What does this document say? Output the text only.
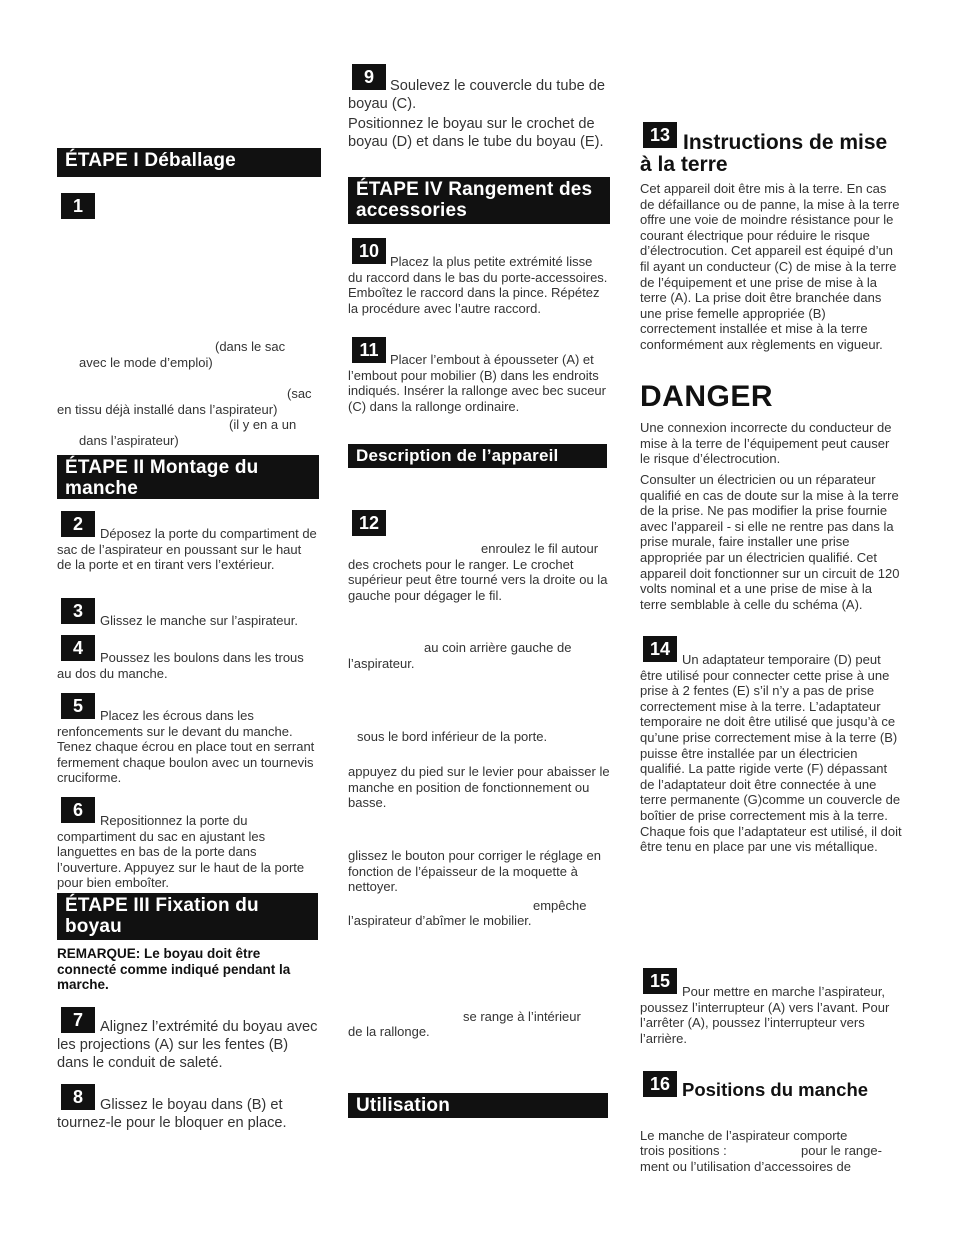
ÉTAPE I Déballage
1
(dans le sac
avec le mode d’emploi)
(sac
en tissu déjà installé dans l’aspirateur)
(il y en a un
dans l’aspirateur)
ÉTAPE II Montage du manche
2	Déposez la porte du compartiment de sac de l’aspirateur en poussant sur le haut de la porte et en tirant vers l’extérieur.
3	Glissez le manche sur l’aspirateur.
4	Poussez les boulons dans les trous au dos du manche.
5	Placez les écrous dans les renfoncements sur le devant du manche. Tenez chaque écrou en place tout en serrant fermement chaque boulon avec un tournevis cruciforme.
6
Repositionnez la porte du compartiment du sac en ajustant les languettes en bas de la porte dans l’ouverture. Appuyez sur le haut de la porte pour bien emboîter.
ÉTAPE III Fixation du boyau
REMARQUE: Le boyau doit être connecté comme indiqué pendant la marche.
7	Alignez l’extrémité du boyau avec les projections (A) sur les fentes (B) dans le conduit de saleté.
8	Glissez le boyau dans (B) et tournez-le pour le bloquer en place.
9	Soulevez le couvercle du tube de boyau (C).
Positionnez le boyau sur le crochet de boyau (D) et dans le tube du boyau (E).
ÉTAPE IV Rangement des accessories
10
Placez la plus petite extrémité lisse du raccord dans le bas du porte-accessoires. Emboîtez le raccord dans la pince. Répétez la procédure avec l’autre raccord.
11 Placer l’embout à épousseter (A) et l’embout pour mobilier (B) dans les endroits indiqués. Insérer la rallonge avec bec suceur (C) dans la rallonge ordinaire.
Description de l’appareil
12
enroulez le fil autour des crochets pour le ranger. Le crochet supérieur peut être tourné vers la droite ou la gauche pour dégager le fil.
au coin arrière gauche de l’aspirateur.
sous le bord inférieur de la porte.
appuyez du pied sur le levier pour abaisser le manche en position de fonctionnement ou basse.
glissez le bouton pour corriger le réglage en fonction de l’épaisseur de la moquette à nettoyer.
empêche
l’aspirateur d’abîmer le mobilier.
se range à l’intérieur
de la rallonge.
Utilisation
13 Instructions de mise à la terre
Cet appareil doit être mis à la terre. En cas de défaillance ou de panne, la mise à la terre offre une voie de moindre résistance pour le courant électrique pour réduire le risque d’électrocution. Cet appareil est équipé d’un fil ayant un conducteur (C) de mise à la terre de l’équipement et une prise de mise à la terre (A). La prise doit être branchée dans une prise femelle appropriée (B) correctement installée et mise à la terre conformément aux règlements en vigueur.
DANGER
Une connexion incorrecte du conducteur de mise à la terre de l’équipement peut causer le risque d’électrocution.
Consulter un électricien ou un réparateur qualifié en cas de doute sur la mise à la terre de la prise. Ne pas modifier la prise fournie avec l’appareil - si elle ne rentre pas dans la prise murale, faire installer une prise appropriée par un électricien qualifié. Cet appareil doit fonctionner sur un circuit de 120 volts nominal et a une prise de mise à la terre semblable à celle du schéma (A).
14
Un adaptateur temporaire (D) peut être utilisé pour connecter cette prise à une prise à 2 fentes (E) s’il n’y a pas de prise correctement mise à la terre. L’adaptateur temporaire ne doit être utilisé que jusqu’à ce qu’une prise correctement mise à la terre (B) puisse être installée par un électricien qualifié. La patte rigide verte (F) dépassant de l’adaptateur doit être connectée à une terre permanente (G)comme un couvercle de boîtier de prise correctement mis à la terre. Chaque fois que l’adaptateur est utilisé, il doit être tenu en place par une vis métallique.
15
Pour mettre en marche l’aspirateur, poussez l’interrupteur (A) vers l’avant. Pour l’arrêter (A), poussez l’interrupteur vers l’arrière.
16 Positions du manche
Le manche de l’aspirateur comporte
trois positions :	pour le range-
ment ou l’utilisation d’accessoires de
